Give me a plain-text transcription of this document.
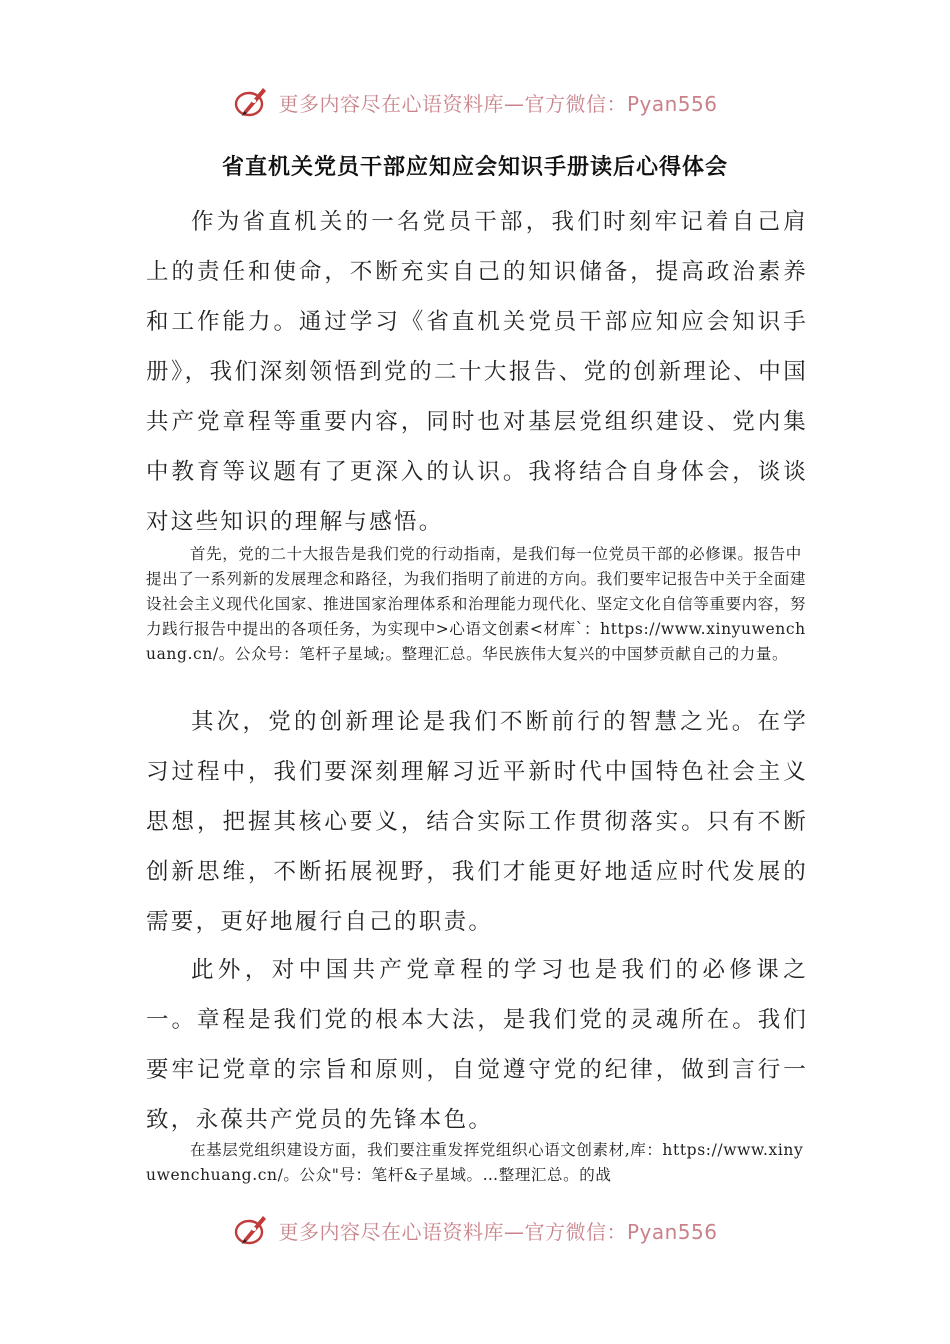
更多内容尽在心语资料库—官方微信：Pyan556
省直机关党员干部应知应会知识手册读后心得体会

作为省直机关的一名党员干部，我们时刻牢记着自己肩上的责任和使命，不断充实自己的知识储备，提高政治素养和工作能力。通过学习《省直机关党员干部应知应会知识手册》，我们深刻领悟到党的二十大报告、党的创新理论、中国共产党章程等重要内容，同时也对基层党组织建设、党内集中教育等议题有了更深入的认识。我将结合自身体会，谈谈对这些知识的理解与感悟。

首先，党的二十大报告是我们党的行动指南，是我们每一位党员干部的必修课。报告中提出了一系列新的发展理念和路径，为我们指明了前进的方向。我们要牢记报告中关于全面建设社会主义现代化国家、推进国家治理体系和治理能力现代化、坚定文化自信等重要内容，努力践行报告中提出的各项任务，为实现中>心语文创素<材库`：https://www.xinyuwenchuang.cn/。公众号：笔杆子星域;。整理汇总。华民族伟大复兴的中国梦贡献自己的力量。

其次，党的创新理论是我们不断前行的智慧之光。在学习过程中，我们要深刻理解习近平新时代中国特色社会主义思想，把握其核心要义，结合实际工作贯彻落实。只有不断创新思维，不断拓展视野，我们才能更好地适应时代发展的需要，更好地履行自己的职责。

此外，对中国共产党章程的学习也是我们的必修课之一。章程是我们党的根本大法，是我们党的灵魂所在。我们要牢记党章的宗旨和原则，自觉遵守党的纪律，做到言行一致，永葆共产党员的先锋本色。

在基层党组织建设方面，我们要注重发挥党组织心语文创素材,库：https://www.xinyuwenchuang.cn/。公众"号：笔杆&子星域。…整理汇总。的战

更多内容尽在心语资料库—官方微信：Pyan556
